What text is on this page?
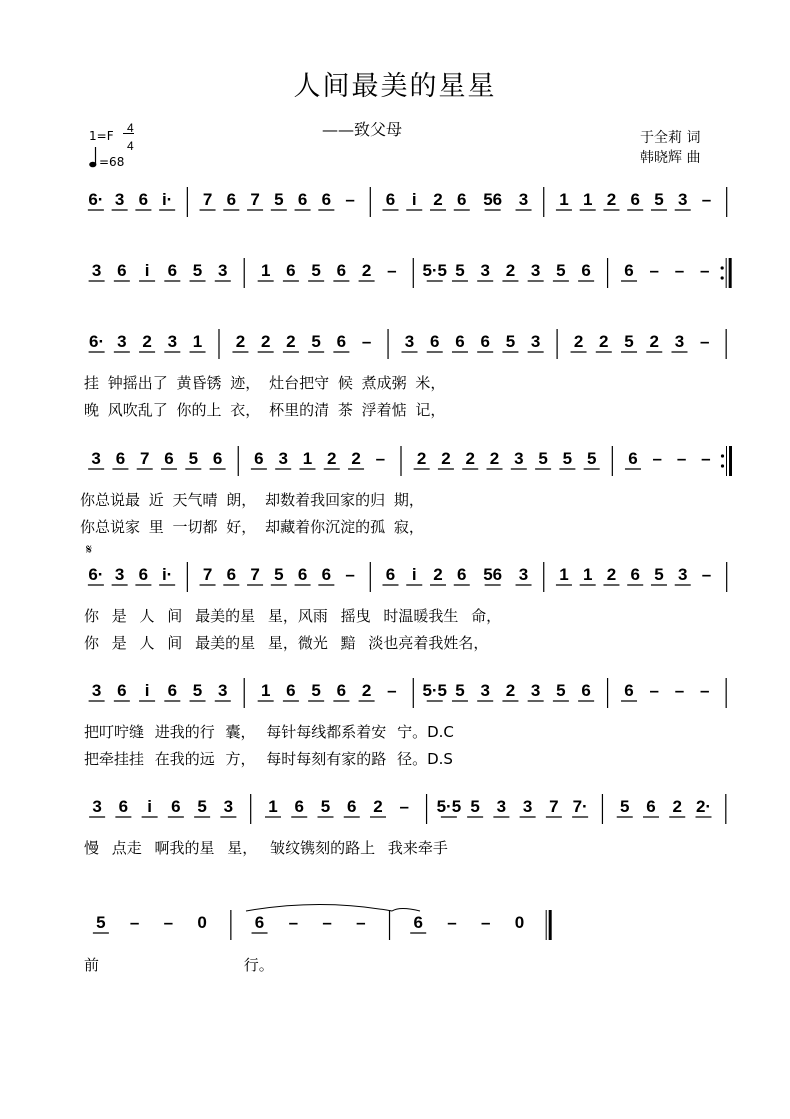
人间最美的星星
——致父母
1=F
4
4
=68
于全莉 词
韩晓辉 曲
𝄋
6· 3 6 i· 7 6 7 5 6 6 – 6 i 2 6 56 3 1 1 2 6 5 3 –
3 6 i 6 5 3 1 6 5 6 2 – 5·5 5 3 2 3 5 6 6 – – –
6· 3 2 3 1 2 2 2 5 6 – 3 6 6 6 5 3 2 2 5 2 3 –
3 6 7 6 5 6 6 3 1 2 2 – 2 2 2 2 3 5 5 5 6 – – –
6· 3 6 i· 7 6 7 5 6 6 – 6 i 2 6 56 3 1 1 2 6 5 3 –
3 6 i 6 5 3 1 6 5 6 2 – 5·5 5 3 2 3 5 6 6 – – –
3 6 i 6 5 3 1 6 5 6 2 – 5·5 5 3 3 7 7· 5 6 2 2·
5 – – 0	6 – – –	6 – – 0
挂 钟摇出了 黄昏锈 迹， 灶台把守 候 煮成粥 米，
晚 风吹乱了 你的上 衣， 杯里的清 茶 浮着惦 记，
你总说最 近 天气晴 朗， 却数着我回家的归 期，
你总说家 里 一切都 好， 却藏着你沉淀的孤 寂，
你 是 人 间 最美的星 星，风雨 摇曳 时温暖我生 命，
你 是 人 间 最美的星 星，微光 黯 淡也亮着我姓名，
把叮咛缝 进我的行 囊， 每针每线都系着安 宁。D.C
把牵挂挂 在我的远 方， 每时每刻有家的路 径。D.S
慢 点走 啊我的星 星， 皱纹镌刻的路上 我来牵手
前 行。
